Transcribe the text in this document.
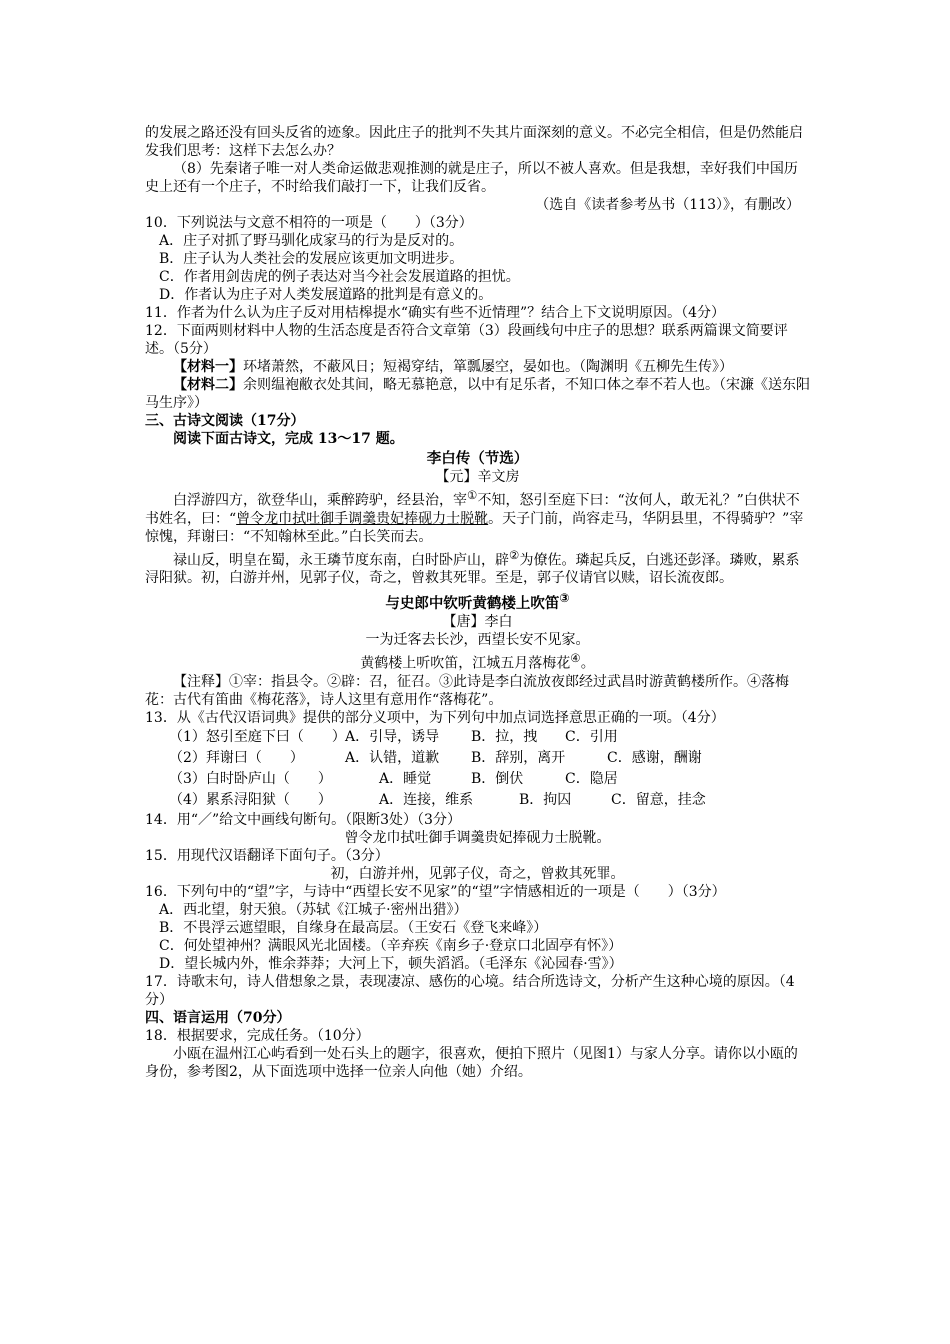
的发展之路还没有回头反省的迹象。因此庄子的批判不失其片面深刻的意义。不必完全相信，但是仍然能启发我们思考：这样下去怎么办？

（8）先秦诸子唯一对人类命运做悲观推测的就是庄子，所以不被人喜欢。但是我想，幸好我们中国历史上还有一个庄子，不时给我们敲打一下，让我们反省。

（选自《读者参考丛书（113）》，有删改）

10．下列说法与文意不相符的一项是（　　）（3分）

A．庄子对抓了野马驯化成家马的行为是反对的。

B．庄子认为人类社会的发展应该更加文明进步。

C．作者用剑齿虎的例子表达对当今社会发展道路的担忧。

D．作者认为庄子对人类发展道路的批判是有意义的。

11．作者为什么认为庄子反对用桔槔提水“确实有些不近情理”？结合上下文说明原因。（4分）

12．下面两则材料中人物的生活态度是否符合文章第（3）段画线句中庄子的思想？联系两篇课文简要评述。（5分）

【材料一】环堵萧然，不蔽风日；短褐穿结，箪瓢屡空，晏如也。（陶渊明《五柳先生传》）

【材料二】余则缊袍敝衣处其间，略无慕艳意，以中有足乐者，不知口体之奉不若人也。（宋濂《送东阳马生序》）

三、古诗文阅读（17分）

阅读下面古诗文，完成 13～17 题。

李白传（节选）

【元】辛文房

白浮游四方，欲登华山，乘醉跨驴，经县治，宰①不知，怒引至庭下曰：“汝何人，敢无礼？”白供状不书姓名，曰：“曾令龙巾拭吐御手调羹贵妃捧砚力士脱靴。天子门前，尚容走马，华阴县里，不得骑驴？”宰惊愧，拜谢曰：“不知翰林至此。”白长笑而去。

禄山反，明皇在蜀，永王璘节度东南，白时卧庐山，辟②为僚佐。璘起兵反，白逃还彭泽。璘败，累系浔阳狱。初，白游并州，见郭子仪，奇之，曾救其死罪。至是，郭子仪请官以赎，诏长流夜郎。

与史郎中钦听黄鹤楼上吹笛③

【唐】李白

一为迁客去长沙，西望长安不见家。

黄鹤楼上听吹笛，江城五月落梅花④。

【注释】①宰：指县令。②辟：召，征召。③此诗是李白流放夜郎经过武昌时游黄鹤楼所作。④落梅花：古代有笛曲《梅花落》，诗人这里有意用作“落梅花”。

13．从《古代汉语词典》提供的部分义项中，为下列句中加点词选择意思正确的一项。（4分）

（1）怒引至庭下曰（　　）A．引导，诱导 B．拉，拽 C．引用
（2）拜谢曰（　　）	A．认错，道歉 B．辞别，离开	C．感谢，酬谢
（3）白时卧庐山（　　）	A．睡觉	B．倒伏	C．隐居
（4）累系浔阳狱（　　）	A．连接，维系	B．拘囚	C．留意，挂念

14．用“／”给文中画线句断句。（限断3处）（3分）

曾令龙巾拭吐御手调羹贵妃捧砚力士脱靴。

15．用现代汉语翻译下面句子。（3分）

初，白游并州，见郭子仪，奇之，曾救其死罪。

16．下列句中的“望”字，与诗中“西望长安不见家”的“望”字情感相近的一项是（　　）（3分）

A．西北望，射天狼。（苏轼《江城子·密州出猎》）

B．不畏浮云遮望眼，自缘身在最高层。（王安石《登飞来峰》）

C．何处望神州？满眼风光北固楼。（辛弃疾《南乡子·登京口北固亭有怀》）

D．望长城内外，惟余莽莽；大河上下，顿失滔滔。（毛泽东《沁园春·雪》）

17．诗歌末句，诗人借想象之景，表现凄凉、感伤的心境。结合所选诗文，分析产生这种心境的原因。（4分）

四、语言运用（70分）

18．根据要求，完成任务。（10分）

小瓯在温州江心屿看到一处石头上的题字，很喜欢，便拍下照片（见图1）与家人分享。请你以小瓯的身份，参考图2，从下面选项中选择一位亲人向他（她）介绍。
